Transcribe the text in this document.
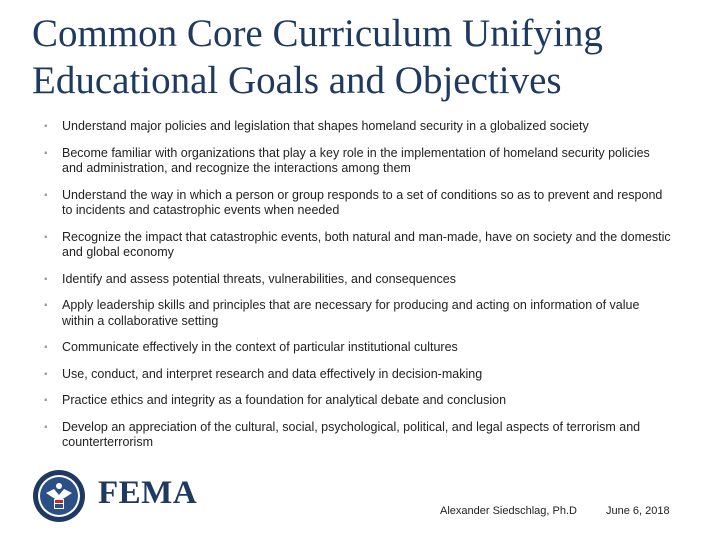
Common Core Curriculum Unifying
Educational Goals and Objectives
▪ Understand major policies and legislation that shapes homeland security in a globalized society
▪ Become familiar with organizations that play a key role in the implementation of homeland security policies and administration, and recognize the interactions among them
▪ Understand the way in which a person or group responds to a set of conditions so as to prevent and respond to incidents and catastrophic events when needed
▪ Recognize the impact that catastrophic events, both natural and man-made, have on society and the domestic and global economy
▪ Identify and assess potential threats, vulnerabilities, and consequences
▪ Apply leadership skills and principles that are necessary for producing and acting on information of value within a collaborative setting
▪ Communicate effectively in the context of particular institutional cultures
▪ Use, conduct, and interpret research and data effectively in decision-making
▪ Practice ethics and integrity as a foundation for analytical debate and conclusion
▪ Develop an appreciation of the cultural, social, psychological, political, and legal aspects of terrorism and counterterrorism
FEMA	Alexander Siedschlag, Ph.D	June 6, 2018
